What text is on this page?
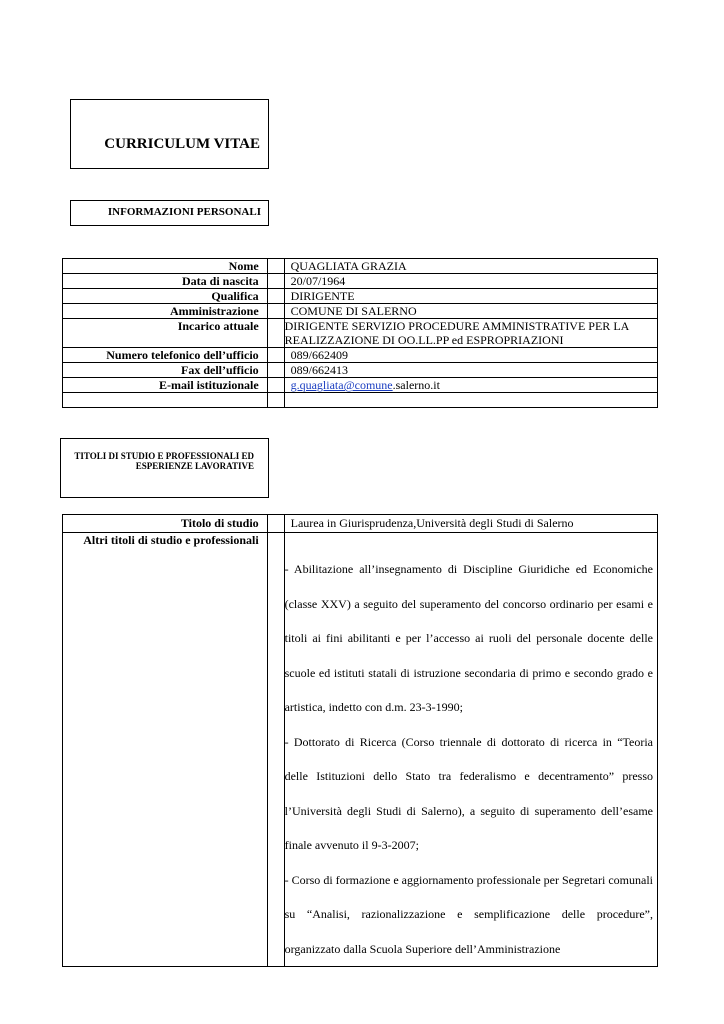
CURRICULUM VITAE
INFORMAZIONI PERSONALI
Nome		QUAGLIATA GRAZIA
Data di nascita		20/07/1964
Qualifica		DIRIGENTE
Amministrazione		COMUNE DI SALERNO
Incarico attuale		DIRIGENTE SERVIZIO PROCEDURE AMMINISTRATIVE PER LA REALIZZAZIONE DI OO.LL.PP ed ESPROPRIAZIONI
Numero telefonico dell’ufficio		089/662409
Fax dell’ufficio		089/662413
E-mail istituzionale		g.quagliata@comune.salerno.it

TITOLI DI STUDIO E PROFESSIONALI ED ESPERIENZE LAVORATIVE
Titolo di studio		Laurea in Giurisprudenza,Università degli Studi di Salerno
Altri titoli di studio e professionali		- Abilitazione all’insegnamento di Discipline Giuridiche ed Economiche (classe XXV) a seguito del superamento del concorso ordinario per esami e titoli ai fini abilitanti e per l’accesso ai ruoli del personale docente delle scuole ed istituti statali di istruzione secondaria di primo e secondo grado e artistica, indetto con d.m. 23-3-1990;

- Dottorato di Ricerca (Corso triennale di dottorato di ricerca in “Teoria delle Istituzioni dello Stato tra federalismo e decentramento” presso l’Università degli Studi di Salerno), a seguito di superamento dell’esame finale avvenuto il 9-3-2007;

- Corso di formazione e aggiornamento professionale per Segretari comunali su “Analisi, razionalizzazione e semplificazione delle procedure”, organizzato dalla Scuola Superiore dell’Amministrazione
